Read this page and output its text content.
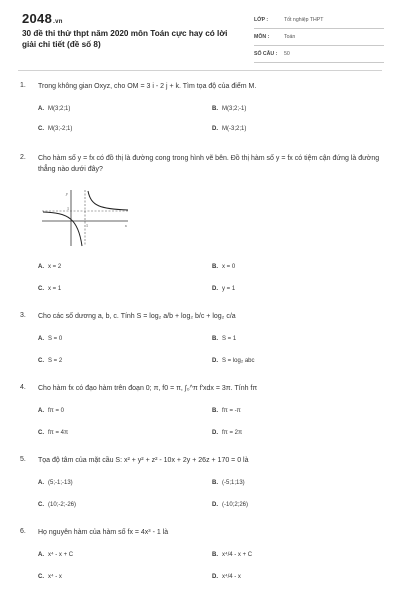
2048.vn
30 đề thi thử thpt năm 2020 môn Toán cực hay có lời giải chi tiết (đề số 8)
LỚP :	Tốt nghiệp THPT
MÔN :	Toán
SỐ CÂU : 50
1. Trong không gian Oxyz, cho OM = 3 i - 2 j + k. Tìm tọa độ của điểm M.
A. M(3;2;1)	B. M(3;2;-1)
C. M(3;-2;1)	D. M(-3;2;1)
2. Cho hàm số y = fx có đồ thị là đường cong trong hình vẽ bên. Đồ thị hàm số y = fx có tiệm cận đứng là đường thẳng nào dưới đây?
y
x
1
1
A. x = 2	B. x = 0
C. x = 1	D. y = 1
3. Cho các số dương a, b, c. Tính S = log₂ a/b + log₂ b/c + log₂ c/a
A. S = 0	B. S = 1
C. S = 2	D. S = log₂ abc
4. Cho hàm fx có đạo hàm trên đoạn 0; π, f0 = π, ∫₀^π f'xdx = 3π. Tính fπ
A. fπ = 0	B. fπ = -π
C. fπ = 4π	D. fπ = 2π
5. Tọa độ tâm của mặt cầu S: x² + y² + z² - 10x + 2y + 26z + 170 = 0 là
A. (5;-1;-13)	B. (-5;1;13)
C. (10;-2;-26)	D. (-10;2;26)
6. Họ nguyên hàm của hàm số fx = 4x³ - 1 là
A. x⁴ - x + C	B. x⁴/4 - x + C
C. x⁴ - x	D. x⁴/4 - x
